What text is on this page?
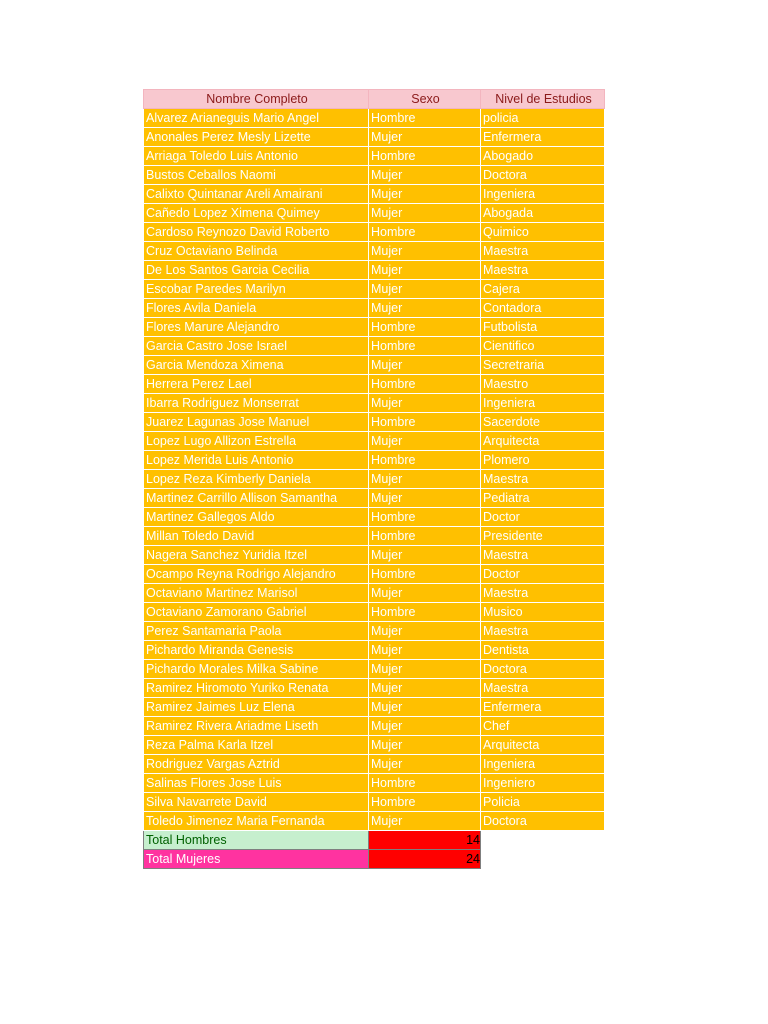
Nombre Completo	Sexo	Nivel de Estudios
Alvarez Arianeguis Mario Angel	Hombre	policia
Anonales Perez Mesly Lizette	Mujer	Enfermera
Arriaga Toledo Luis Antonio	Hombre	Abogado
Bustos Ceballos Naomi	Mujer	Doctora
Calixto Quintanar Areli Amairani	Mujer	Ingeniera
Cañedo Lopez Ximena Quimey	Mujer	Abogada
Cardoso Reynozo David Roberto	Hombre	Quimico
Cruz Octaviano Belinda	Mujer	Maestra
De Los Santos Garcia Cecilia	Mujer	Maestra
Escobar Paredes Marilyn	Mujer	Cajera
Flores Avila Daniela	Mujer	Contadora
Flores Marure Alejandro	Hombre	Futbolista
Garcia Castro Jose Israel	Hombre	Cientifico
Garcia Mendoza Ximena	Mujer	Secretraria
Herrera Perez Lael	Hombre	Maestro
Ibarra Rodriguez Monserrat	Mujer	Ingeniera
Juarez Lagunas Jose Manuel	Hombre	Sacerdote
Lopez Lugo Allizon Estrella	Mujer	Arquitecta
Lopez Merida Luis Antonio	Hombre	Plomero
Lopez Reza Kimberly Daniela	Mujer	Maestra
Martinez Carrillo Allison Samantha	Mujer	Pediatra
Martinez Gallegos Aldo	Hombre	Doctor
Millan Toledo David	Hombre	Presidente
Nagera Sanchez Yuridia Itzel	Mujer	Maestra
Ocampo Reyna Rodrigo Alejandro	Hombre	Doctor
Octaviano Martinez Marisol	Mujer	Maestra
Octaviano Zamorano Gabriel	Hombre	Musico
Perez Santamaria Paola	Mujer	Maestra
Pichardo Miranda Genesis	Mujer	Dentista
Pichardo Morales Milka Sabine	Mujer	Doctora
Ramirez Hiromoto Yuriko Renata	Mujer	Maestra
Ramirez Jaimes Luz Elena	Mujer	Enfermera
Ramirez Rivera Ariadme Liseth	Mujer	Chef
Reza Palma Karla Itzel	Mujer	Arquitecta
Rodriguez Vargas Aztrid	Mujer	Ingeniera
Salinas Flores Jose Luis	Hombre	Ingeniero
Silva Navarrete David	Hombre	Policia
Toledo Jimenez Maria Fernanda	Mujer	Doctora
Total Hombres	14	
Total Mujeres	24	
